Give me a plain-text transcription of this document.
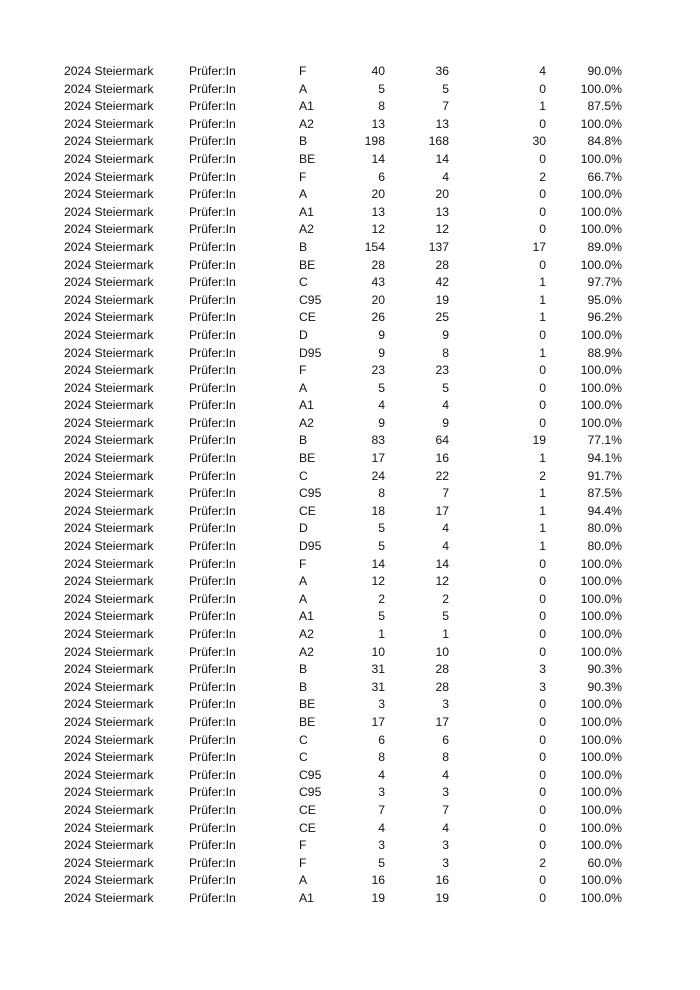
2024 Steiermark	Prüfer:In	F	40	36	4	90.0%
2024 Steiermark	Prüfer:In	A	5	5	0	100.0%
2024 Steiermark	Prüfer:In	A1	8	7	1	87.5%
2024 Steiermark	Prüfer:In	A2	13	13	0	100.0%
2024 Steiermark	Prüfer:In	B	198	168	30	84.8%
2024 Steiermark	Prüfer:In	BE	14	14	0	100.0%
2024 Steiermark	Prüfer:In	F	6	4	2	66.7%
2024 Steiermark	Prüfer:In	A	20	20	0	100.0%
2024 Steiermark	Prüfer:In	A1	13	13	0	100.0%
2024 Steiermark	Prüfer:In	A2	12	12	0	100.0%
2024 Steiermark	Prüfer:In	B	154	137	17	89.0%
2024 Steiermark	Prüfer:In	BE	28	28	0	100.0%
2024 Steiermark	Prüfer:In	C	43	42	1	97.7%
2024 Steiermark	Prüfer:In	C95	20	19	1	95.0%
2024 Steiermark	Prüfer:In	CE	26	25	1	96.2%
2024 Steiermark	Prüfer:In	D	9	9	0	100.0%
2024 Steiermark	Prüfer:In	D95	9	8	1	88.9%
2024 Steiermark	Prüfer:In	F	23	23	0	100.0%
2024 Steiermark	Prüfer:In	A	5	5	0	100.0%
2024 Steiermark	Prüfer:In	A1	4	4	0	100.0%
2024 Steiermark	Prüfer:In	A2	9	9	0	100.0%
2024 Steiermark	Prüfer:In	B	83	64	19	77.1%
2024 Steiermark	Prüfer:In	BE	17	16	1	94.1%
2024 Steiermark	Prüfer:In	C	24	22	2	91.7%
2024 Steiermark	Prüfer:In	C95	8	7	1	87.5%
2024 Steiermark	Prüfer:In	CE	18	17	1	94.4%
2024 Steiermark	Prüfer:In	D	5	4	1	80.0%
2024 Steiermark	Prüfer:In	D95	5	4	1	80.0%
2024 Steiermark	Prüfer:In	F	14	14	0	100.0%
2024 Steiermark	Prüfer:In	A	12	12	0	100.0%
2024 Steiermark	Prüfer:In	A	2	2	0	100.0%
2024 Steiermark	Prüfer:In	A1	5	5	0	100.0%
2024 Steiermark	Prüfer:In	A2	1	1	0	100.0%
2024 Steiermark	Prüfer:In	A2	10	10	0	100.0%
2024 Steiermark	Prüfer:In	B	31	28	3	90.3%
2024 Steiermark	Prüfer:In	B	31	28	3	90.3%
2024 Steiermark	Prüfer:In	BE	3	3	0	100.0%
2024 Steiermark	Prüfer:In	BE	17	17	0	100.0%
2024 Steiermark	Prüfer:In	C	6	6	0	100.0%
2024 Steiermark	Prüfer:In	C	8	8	0	100.0%
2024 Steiermark	Prüfer:In	C95	4	4	0	100.0%
2024 Steiermark	Prüfer:In	C95	3	3	0	100.0%
2024 Steiermark	Prüfer:In	CE	7	7	0	100.0%
2024 Steiermark	Prüfer:In	CE	4	4	0	100.0%
2024 Steiermark	Prüfer:In	F	3	3	0	100.0%
2024 Steiermark	Prüfer:In	F	5	3	2	60.0%
2024 Steiermark	Prüfer:In	A	16	16	0	100.0%
2024 Steiermark	Prüfer:In	A1	19	19	0	100.0%
